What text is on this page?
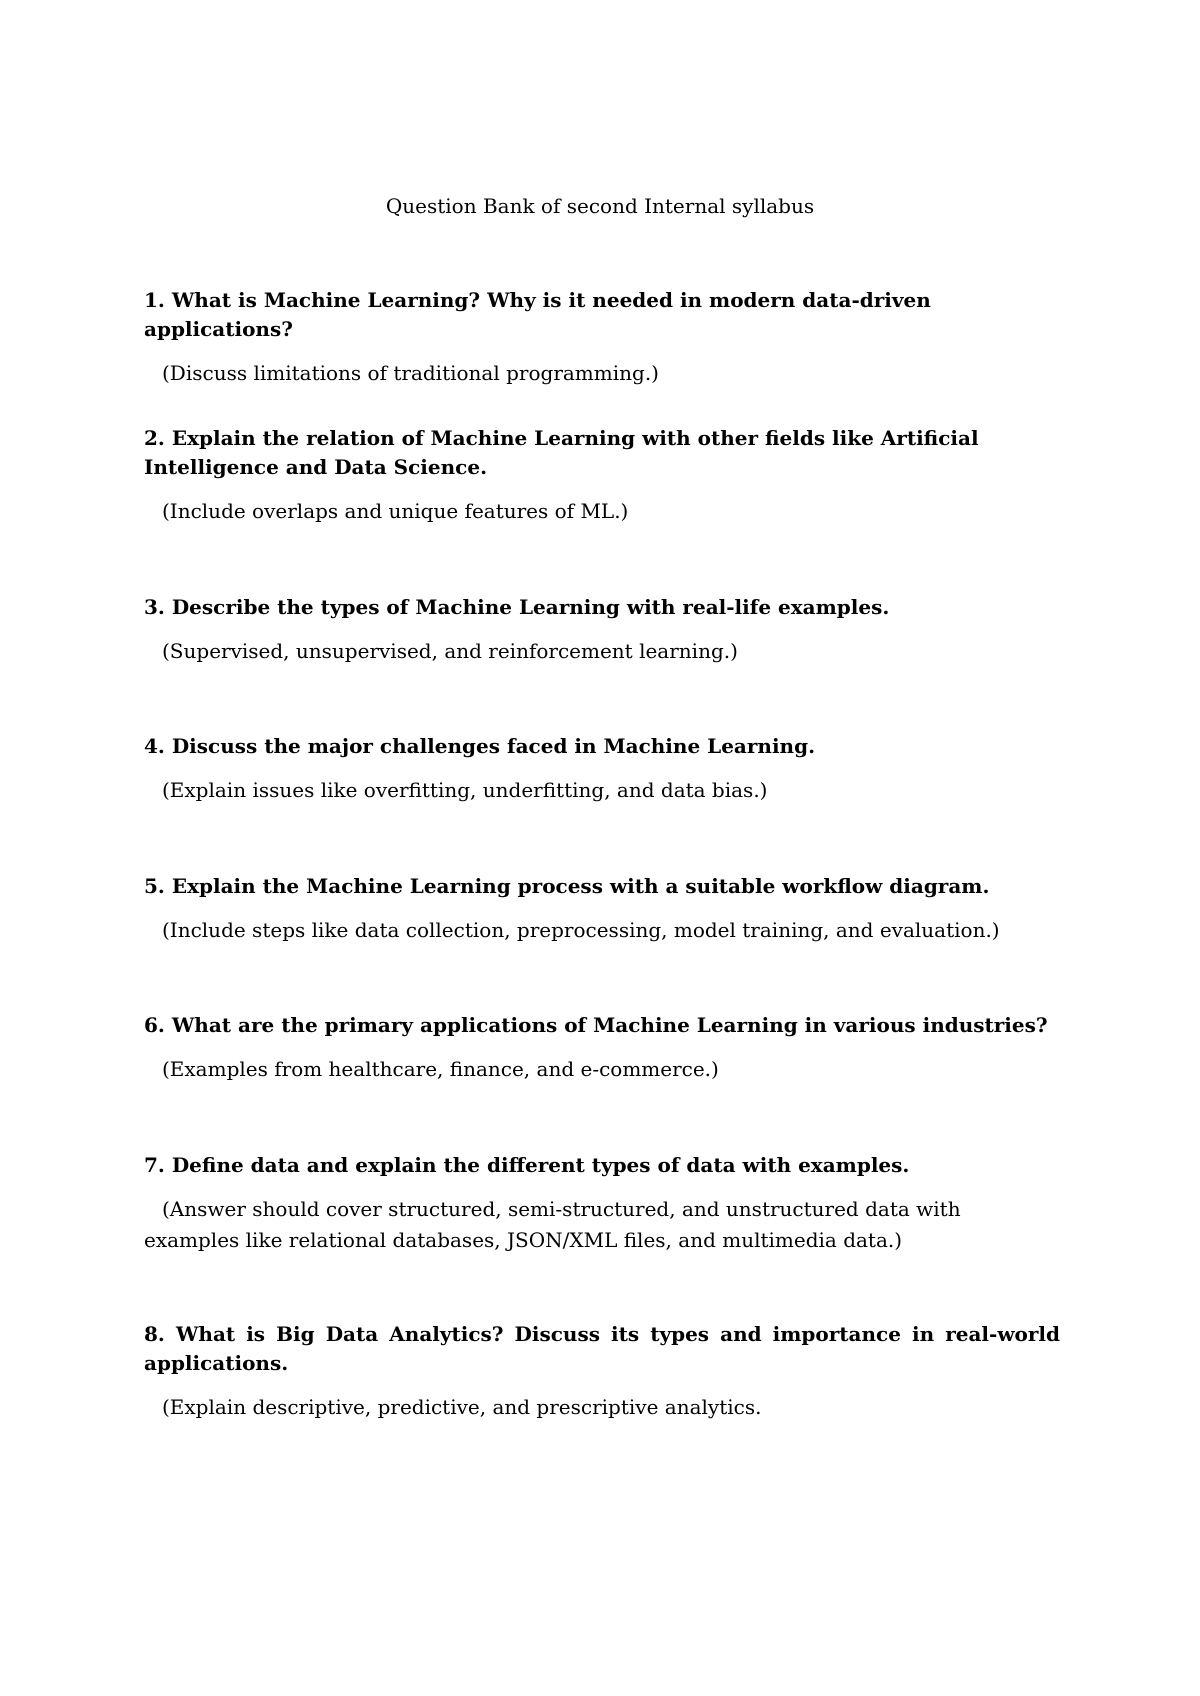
Question Bank of second Internal syllabus

1. What is Machine Learning? Why is it needed in modern data-driven applications?

(Discuss limitations of traditional programming.)

2. Explain the relation of Machine Learning with other fields like Artificial Intelligence and Data Science.

(Include overlaps and unique features of ML.)

3. Describe the types of Machine Learning with real-life examples.

(Supervised, unsupervised, and reinforcement learning.)

4. Discuss the major challenges faced in Machine Learning.

(Explain issues like overfitting, underfitting, and data bias.)

5. Explain the Machine Learning process with a suitable workflow diagram.

(Include steps like data collection, preprocessing, model training, and evaluation.)

6. What are the primary applications of Machine Learning in various industries?

(Examples from healthcare, finance, and e-commerce.)

7. Define data and explain the different types of data with examples.

(Answer should cover structured, semi-structured, and unstructured data with examples like relational databases, JSON/XML files, and multimedia data.)

8. What is Big Data Analytics? Discuss its types and importance in real-world applications.

(Explain descriptive, predictive, and prescriptive analytics.
